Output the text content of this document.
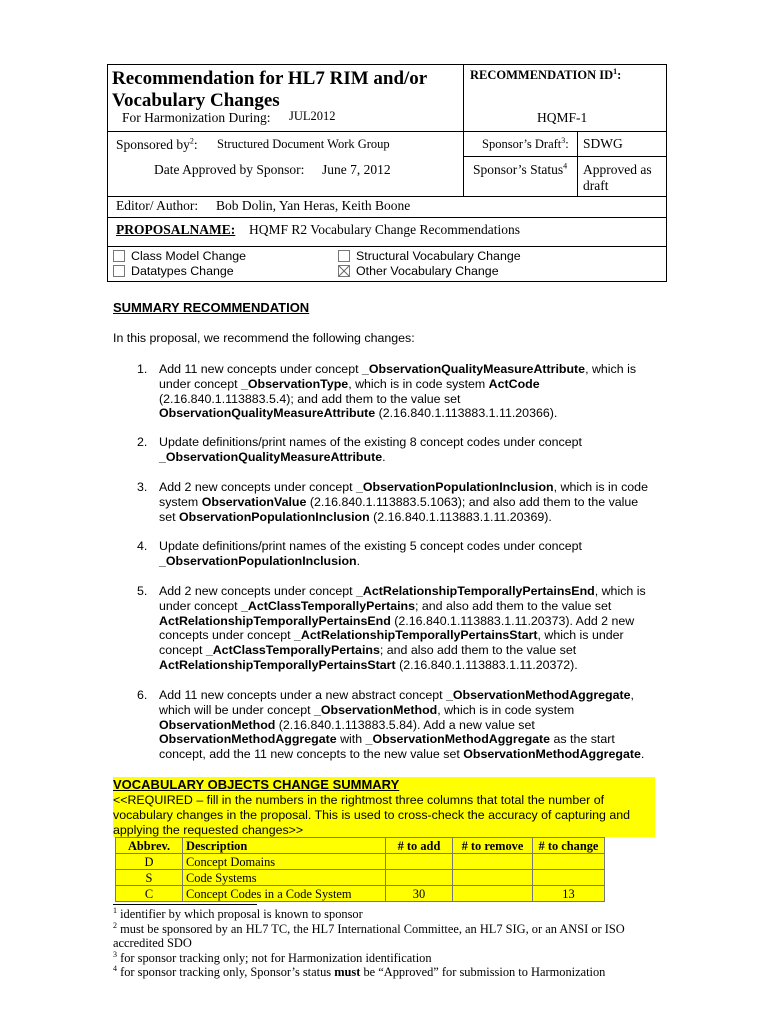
Recommendation for HL7 RIM and/or
Vocabulary Changes
For Harmonization During: JUL2012
RECOMMENDATION $ID^1$:
HQMF-1
Sponsored $by^2$: Structured Document Work Group	Sponsor’s Draft$^3$: SDWG
Date Approved by Sponsor: June 7, 2012	Sponsor’s Status$^4$ Approved as
draft
Editor/ Author: Bob Dolin, Yan Heras, Keith Boone
PROPOSALNAME: HQMF R2 Vocabulary Change Recommendations
Class Model Change
Datatypes Change
Structural Vocabulary Change
Other Vocabulary Change
SUMMARY RECOMMENDATION
In this proposal, we recommend the following changes:
1. Add 11 new concepts under concept _ObservationQualityMeasureAttribute, which is
under concept _ObservationType, which is in code system ActCode
(2.16.840.1.113883.5.4); and add them to the value set
ObservationQualityMeasureAttribute (2.16.840.1.113883.1.11.20366).
2. Update definitions/print names of the existing 8 concept codes under concept
_ObservationQualityMeasureAttribute.
3. Add 2 new concepts under concept _ObservationPopulationInclusion, which is in code
system ObservationValue (2.16.840.1.113883.5.1063); and also add them to the value
set ObservationPopulationInclusion (2.16.840.1.113883.1.11.20369).
4. Update definitions/print names of the existing 5 concept codes under concept
_ObservationPopulationInclusion.
5. Add 2 new concepts under concept _ActRelationshipTemporallyPertainsEnd, which is
under concept _ActClassTemporallyPertains; and also add them to the value set
ActRelationshipTemporallyPertainsEnd (2.16.840.1.113883.1.11.20373). Add 2 new
concepts under concept _ActRelationshipTemporallyPertainsStart, which is under
concept _ActClassTemporallyPertains; and also add them to the value set
ActRelationshipTemporallyPertainsStart (2.16.840.1.113883.1.11.20372).
6. Add 11 new concepts under a new abstract concept _ObservationMethodAggregate,
which will be under concept _ObservationMethod, which is in code system
ObservationMethod (2.16.840.1.113883.5.84). Add a new value set
ObservationMethodAggregate with _ObservationMethodAggregate as the start
concept, add the 11 new concepts to the new value set ObservationMethodAggregate.
VOCABULARY OBJECTS CHANGE SUMMARY
<<REQUIRED – fill in the numbers in the rightmost three columns that total the number of
vocabulary changes in the proposal. This is used to cross-check the accuracy of capturing and
applying the requested changes>>
Abbrev.	Description	# to add	# to remove	# to change
D	Concept Domains			
S	Code Systems			
C	Concept Codes in a Code System	30		13
$^1$ identifier by which proposal is known to sponsor
$^2$ must be sponsored by an HL7 TC, the HL7 International Committee, an HL7 SIG, or an ANSI or ISO
accredited SDO
$^3$ for sponsor tracking only; not for Harmonization identification
$^4$ for sponsor tracking only, Sponsor’s status must be “Approved” for submission to Harmonization
